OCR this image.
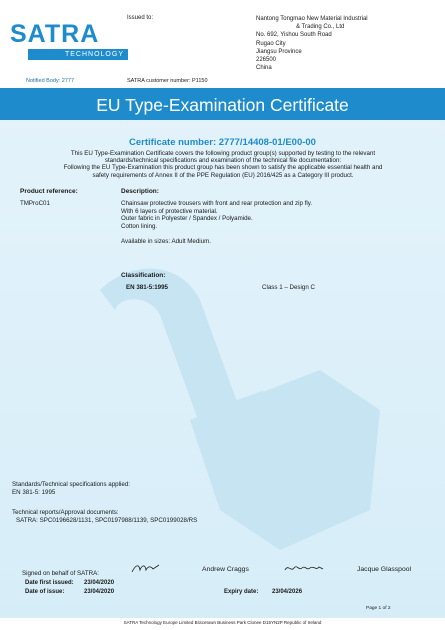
SATRA
TECHNOLOGY
Issued to:	Nantong Tongmao New Material Industrial
& Trading Co., Ltd
No. 692, Yishou South Road
Rugao City
Jiangsu Province
226500
China
Notified Body: 2777	SATRA customer number: P1150
EU Type-Examination Certificate
Certificate number: 2777/14408-01/E00-00
This EU Type-Examination Certificate covers the following product group(s) supported by testing to the relevant
standards/technical specifications and examination of the technical file documentation:
Following the EU Type-Examination this product group has been shown to satisfy the applicable essential health and
safety requirements of Annex II of the PPE Regulation (EU) 2016/425 as a Category III product.
Product reference:	Description:
TMProC01	Chainsaw protective trousers with front and rear protection and zip fly.
With 6 layers of protective material.
Outer fabric in Polyester / Spandex / Polyamide.
Cotton lining.
Available in sizes: Adult Medium.
Classification:
EN 381-5:1995	Class 1 – Design C
Standards/Technical specifications applied:
EN 381-5: 1995
Technical reports/Approval documents:
SATRA: SPC0196628/1131, SPC0197988/1139, SPC0199028/RS
Signed on behalf of SATRA:
Andrew Craggs	Jacque Glasspool
Date first issued: 23/04/2020
Date of issue:	23/04/2020	Expiry date: 23/04/2026
Page 1 of 2
SATRA Technology Europe Limited Bracetown Business Park Clonee D15YN2P Republic of Ireland
